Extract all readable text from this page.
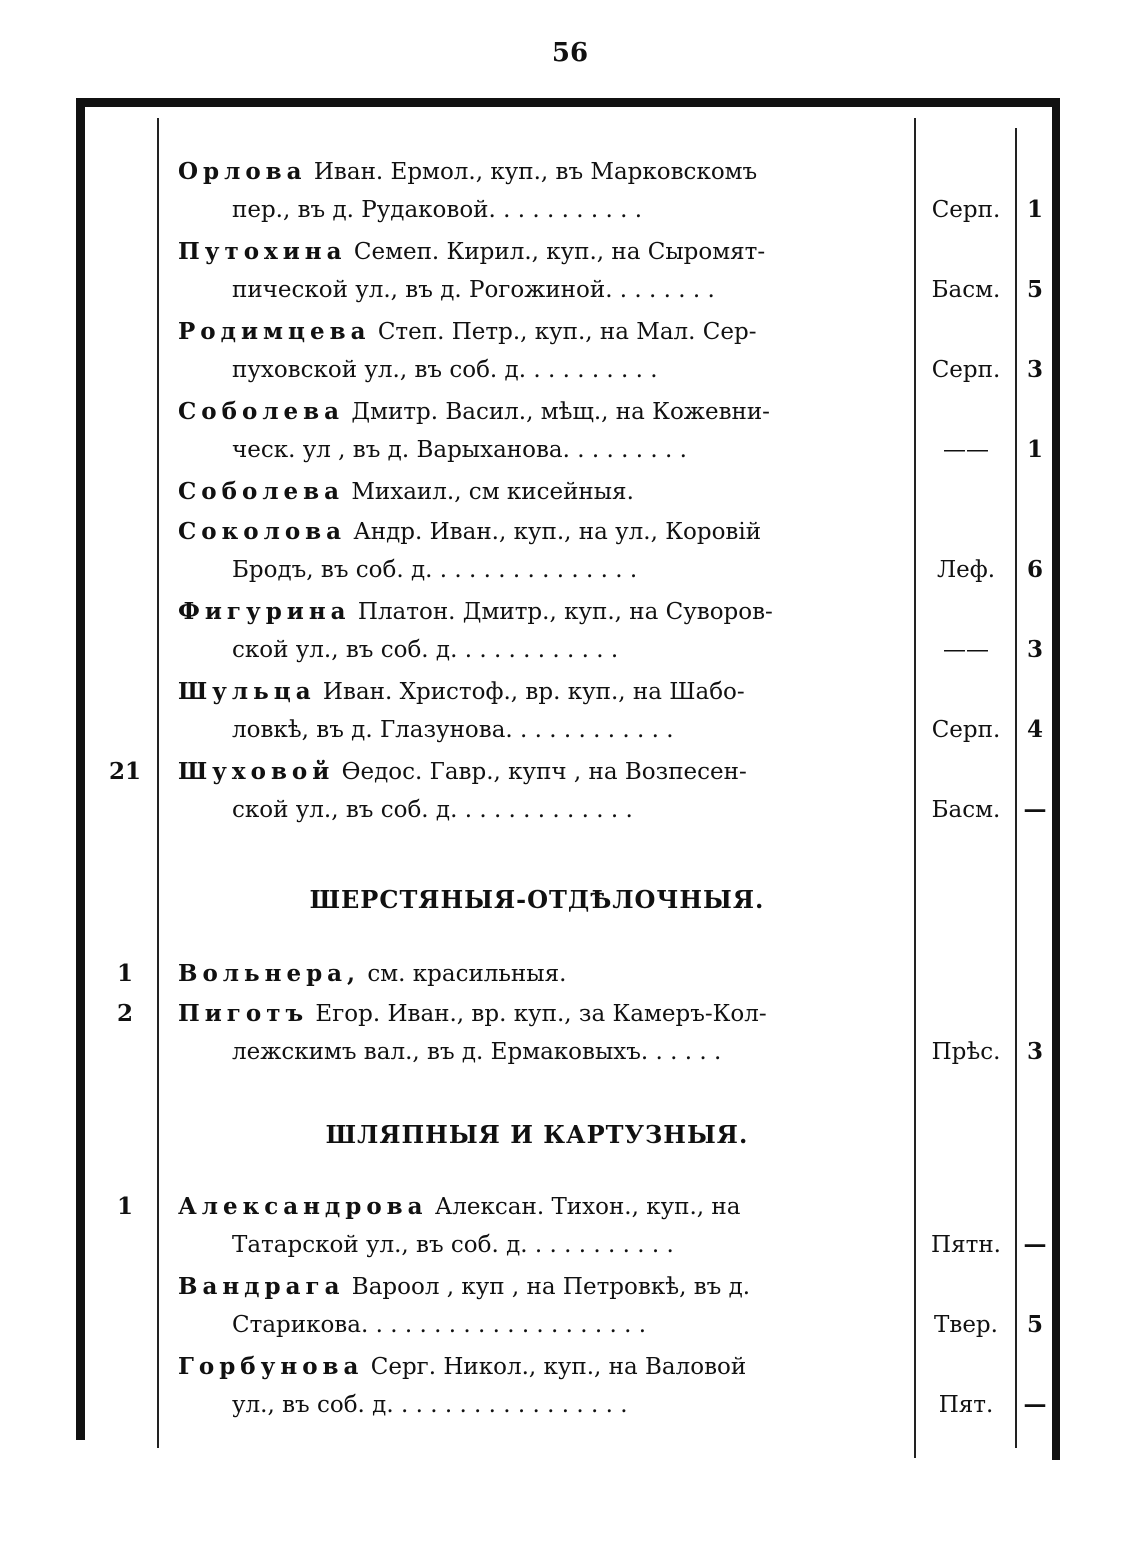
56
Орлова Иван. Ермол., куп., въ Марковскомъ
пер., въ д. Рудаковой. . . . . . . . . . .	Серп.	1
Путохина Семеп. Кирил., куп., на Сыромят-
пической ул., въ д. Рогожиной. . . . . . . .	Басм.	5
Родимцева Степ. Петр., куп., на Мал. Сер-
пуховской ул., въ соб. д. . . . . . . . . .	Серп.	3
Соболева Дмитр. Васил., мѣщ., на Кожевни-
ческ. ул , въ д. Варыханова. . . . . . . . .	——	1
Соболева Михаил., см кисейныя.
Соколова Андр. Иван., куп., на ул., Коровій
Бродъ, въ соб. д. . . . . . . . . . . . . . .	Леф.	6
Фигурина Платон. Дмитр., куп., на Суворов-
ской ул., въ соб. д. . . . . . . . . . . .	——	3
Шульца Иван. Христоф., вр. куп., на Шабо-
ловкѣ, въ д. Глазунова. . . . . . . . . . . .	Серп.	4
21	Шуховой Ѳедос. Гавр., купч , на Возпесен-
ской ул., въ соб. д. . . . . . . . . . . . .	Басм.	—
ШЕРСТЯНЫЯ-ОТДѢЛОЧНЫЯ.
1	Вольнера, см. красильныя.
2	Пиготъ Егор. Иван., вр. куп., за Камеръ-Кол-
лежскимъ вал., въ д. Ермаковыхъ. . . . . .	Прѣс.	3
ШЛЯПНЫЯ И КАРТУЗНЫЯ.
1	Александрова Алексан. Тихон., куп., на
Татарской ул., въ соб. д. . . . . . . . . . .	Пятн. —
Вандрага Вароол , куп , на Петровкѣ, въ д.
Старикова. . . . . . . . . . . . . . . . . . . .	Твер.	5
Горбунова Серг. Никол., куп., на Валовой
ул., въ соб. д. . . . . . . . . . . . . . . . .	Пят.	—
